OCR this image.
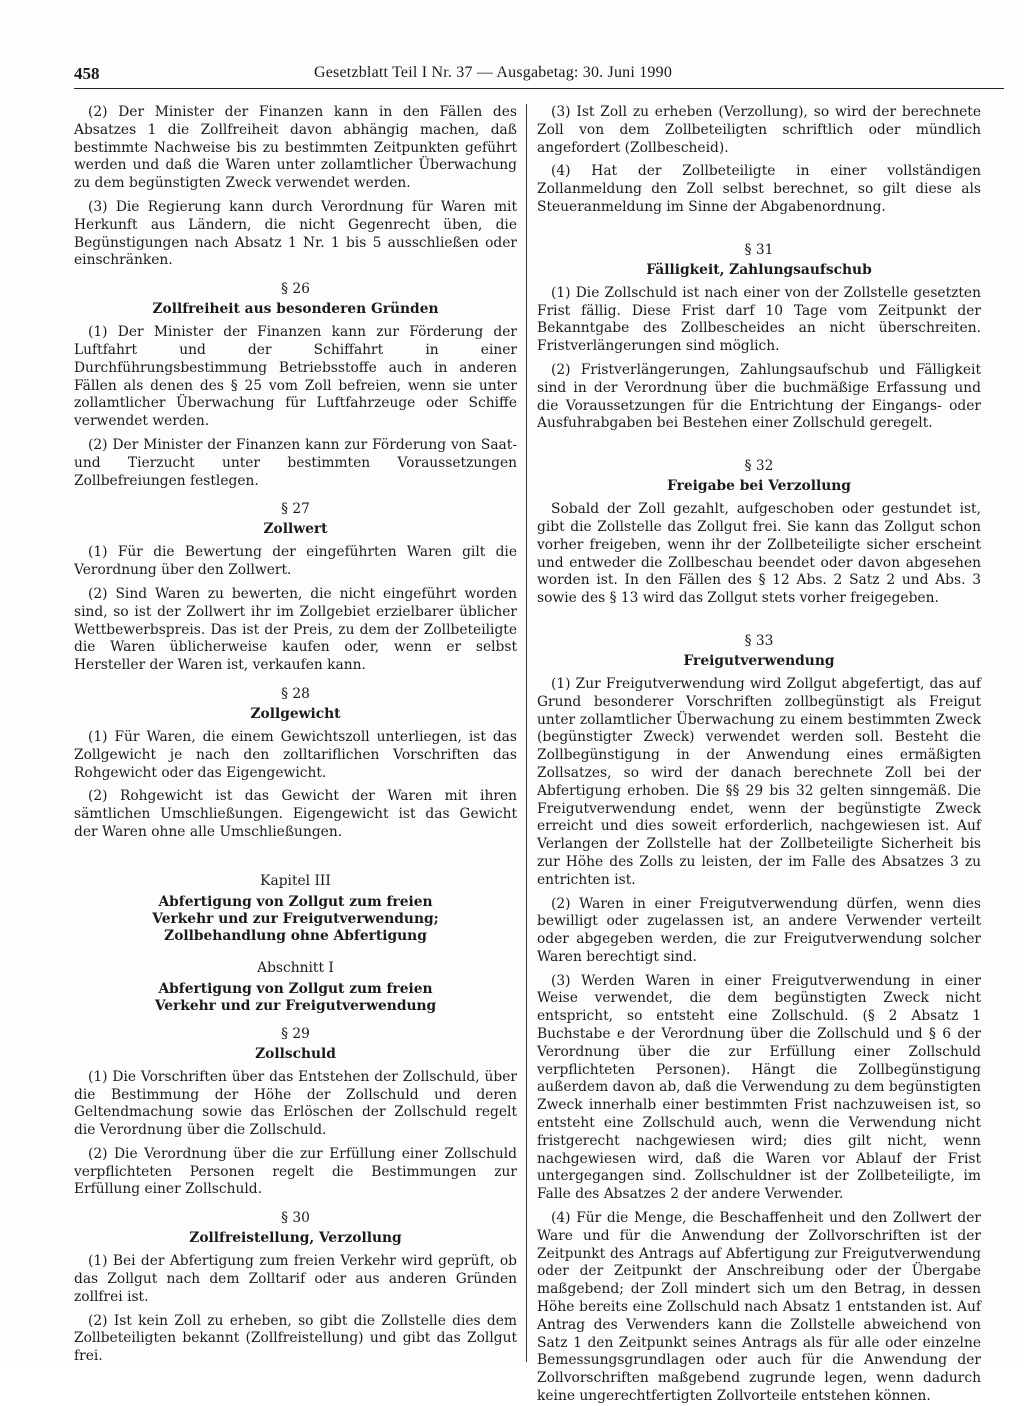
458	Gesetzblatt Teil I Nr. 37 — Ausgabetag: 30. Juni 1990

(2) Der Minister der Finanzen kann in den Fällen des Absatzes 1 die Zollfreiheit davon abhängig machen, daß bestimmte Nachweise bis zu bestimmten Zeitpunkten geführt werden und daß die Waren unter zollamtlicher Überwachung zu dem begünstigten Zweck verwendet werden.

(3) Die Regierung kann durch Verordnung für Waren mit Herkunft aus Ländern, die nicht Gegenrecht üben, die Begünstigungen nach Absatz 1 Nr. 1 bis 5 ausschließen oder einschränken.

§ 26
Zollfreiheit aus besonderen Gründen

(1) Der Minister der Finanzen kann zur Förderung der Luftfahrt und der Schiffahrt in einer Durchführungsbestimmung Betriebsstoffe auch in anderen Fällen als denen des § 25 vom Zoll befreien, wenn sie unter zollamtlicher Überwachung für Luftfahrzeuge oder Schiffe verwendet werden.

(2) Der Minister der Finanzen kann zur Förderung von Saat- und Tierzucht unter bestimmten Voraussetzungen Zollbefreiungen festlegen.

§ 27
Zollwert

(1) Für die Bewertung der eingeführten Waren gilt die Verordnung über den Zollwert.

(2) Sind Waren zu bewerten, die nicht eingeführt worden sind, so ist der Zollwert ihr im Zollgebiet erzielbarer üblicher Wettbewerbspreis. Das ist der Preis, zu dem der Zollbeteiligte die Waren üblicherweise kaufen oder, wenn er selbst Hersteller der Waren ist, verkaufen kann.

§ 28
Zollgewicht

(1) Für Waren, die einem Gewichtszoll unterliegen, ist das Zollgewicht je nach den zolltariflichen Vorschriften das Rohgewicht oder das Eigengewicht.

(2) Rohgewicht ist das Gewicht der Waren mit ihren sämtlichen Umschließungen. Eigengewicht ist das Gewicht der Waren ohne alle Umschließungen.

Kapitel III
Abfertigung von Zollgut zum freien
Verkehr und zur Freigutverwendung;
Zollbehandlung ohne Abfertigung
Abschnitt I
Abfertigung von Zollgut zum freien
Verkehr und zur Freigutverwendung
§ 29
Zollschuld

(1) Die Vorschriften über das Entstehen der Zollschuld, über die Bestimmung der Höhe der Zollschuld und deren Geltendmachung sowie das Erlöschen der Zollschuld regelt die Verordnung über die Zollschuld.

(2) Die Verordnung über die zur Erfüllung einer Zollschuld verpflichteten Personen regelt die Bestimmungen zur Erfüllung einer Zollschuld.

§ 30
Zollfreistellung, Verzollung

(1) Bei der Abfertigung zum freien Verkehr wird geprüft, ob das Zollgut nach dem Zolltarif oder aus anderen Gründen zollfrei ist.

(2) Ist kein Zoll zu erheben, so gibt die Zollstelle dies dem Zollbeteiligten bekannt (Zollfreistellung) und gibt das Zollgut frei.

(3) Ist Zoll zu erheben (Verzollung), so wird der berechnete Zoll von dem Zollbeteiligten schriftlich oder mündlich angefordert (Zollbescheid).

(4) Hat der Zollbeteiligte in einer vollständigen Zollanmeldung den Zoll selbst berechnet, so gilt diese als Steueranmeldung im Sinne der Abgabenordnung.

§ 31
Fälligkeit, Zahlungsaufschub

(1) Die Zollschuld ist nach einer von der Zollstelle gesetzten Frist fällig. Diese Frist darf 10 Tage vom Zeitpunkt der Bekanntgabe des Zollbescheides an nicht überschreiten. Fristverlängerungen sind möglich.

(2) Fristverlängerungen, Zahlungsaufschub und Fälligkeit sind in der Verordnung über die buchmäßige Erfassung und die Voraussetzungen für die Entrichtung der Eingangs- oder Ausfuhrabgaben bei Bestehen einer Zollschuld geregelt.

§ 32
Freigabe bei Verzollung

Sobald der Zoll gezahlt, aufgeschoben oder gestundet ist, gibt die Zollstelle das Zollgut frei. Sie kann das Zollgut schon vorher freigeben, wenn ihr der Zollbeteiligte sicher erscheint und entweder die Zollbeschau beendet oder davon abgesehen worden ist. In den Fällen des § 12 Abs. 2 Satz 2 und Abs. 3 sowie des § 13 wird das Zollgut stets vorher freigegeben.

§ 33
Freigutverwendung

(1) Zur Freigutverwendung wird Zollgut abgefertigt, das auf Grund besonderer Vorschriften zollbegünstigt als Freigut unter zollamtlicher Überwachung zu einem bestimmten Zweck (begünstigter Zweck) verwendet werden soll. Besteht die Zollbegünstigung in der Anwendung eines ermäßigten Zollsatzes, so wird der danach berechnete Zoll bei der Abfertigung erhoben. Die §§ 29 bis 32 gelten sinngemäß. Die Freigutverwendung endet, wenn der begünstigte Zweck erreicht und dies soweit erforderlich, nachgewiesen ist. Auf Verlangen der Zollstelle hat der Zollbeteiligte Sicherheit bis zur Höhe des Zolls zu leisten, der im Falle des Absatzes 3 zu entrichten ist.

(2) Waren in einer Freigutverwendung dürfen, wenn dies bewilligt oder zugelassen ist, an andere Verwender verteilt oder abgegeben werden, die zur Freigutverwendung solcher Waren berechtigt sind.

(3) Werden Waren in einer Freigutverwendung in einer Weise verwendet, die dem begünstigten Zweck nicht entspricht, so entsteht eine Zollschuld. (§ 2 Absatz 1 Buchstabe e der Verordnung über die Zollschuld und § 6 der Verordnung über die zur Erfüllung einer Zollschuld verpflichteten Personen). Hängt die Zollbegünstigung außerdem davon ab, daß die Verwendung zu dem begünstigten Zweck innerhalb einer bestimmten Frist nachzuweisen ist, so entsteht eine Zollschuld auch, wenn die Verwendung nicht fristgerecht nachgewiesen wird; dies gilt nicht, wenn nachgewiesen wird, daß die Waren vor Ablauf der Frist untergegangen sind. Zollschuldner ist der Zollbeteiligte, im Falle des Absatzes 2 der andere Verwender.

(4) Für die Menge, die Beschaffenheit und den Zollwert der Ware und für die Anwendung der Zollvorschriften ist der Zeitpunkt des Antrags auf Abfertigung zur Freigutverwendung oder der Zeitpunkt der Anschreibung oder der Übergabe maßgebend; der Zoll mindert sich um den Betrag, in dessen Höhe bereits eine Zollschuld nach Absatz 1 entstanden ist. Auf Antrag des Verwenders kann die Zollstelle abweichend von Satz 1 den Zeitpunkt seines Antrags als für alle oder einzelne Bemessungsgrundlagen oder auch für die Anwendung der Zollvorschriften maßgebend zugrunde legen, wenn dadurch keine ungerechtfertigten Zollvorteile entstehen können.
